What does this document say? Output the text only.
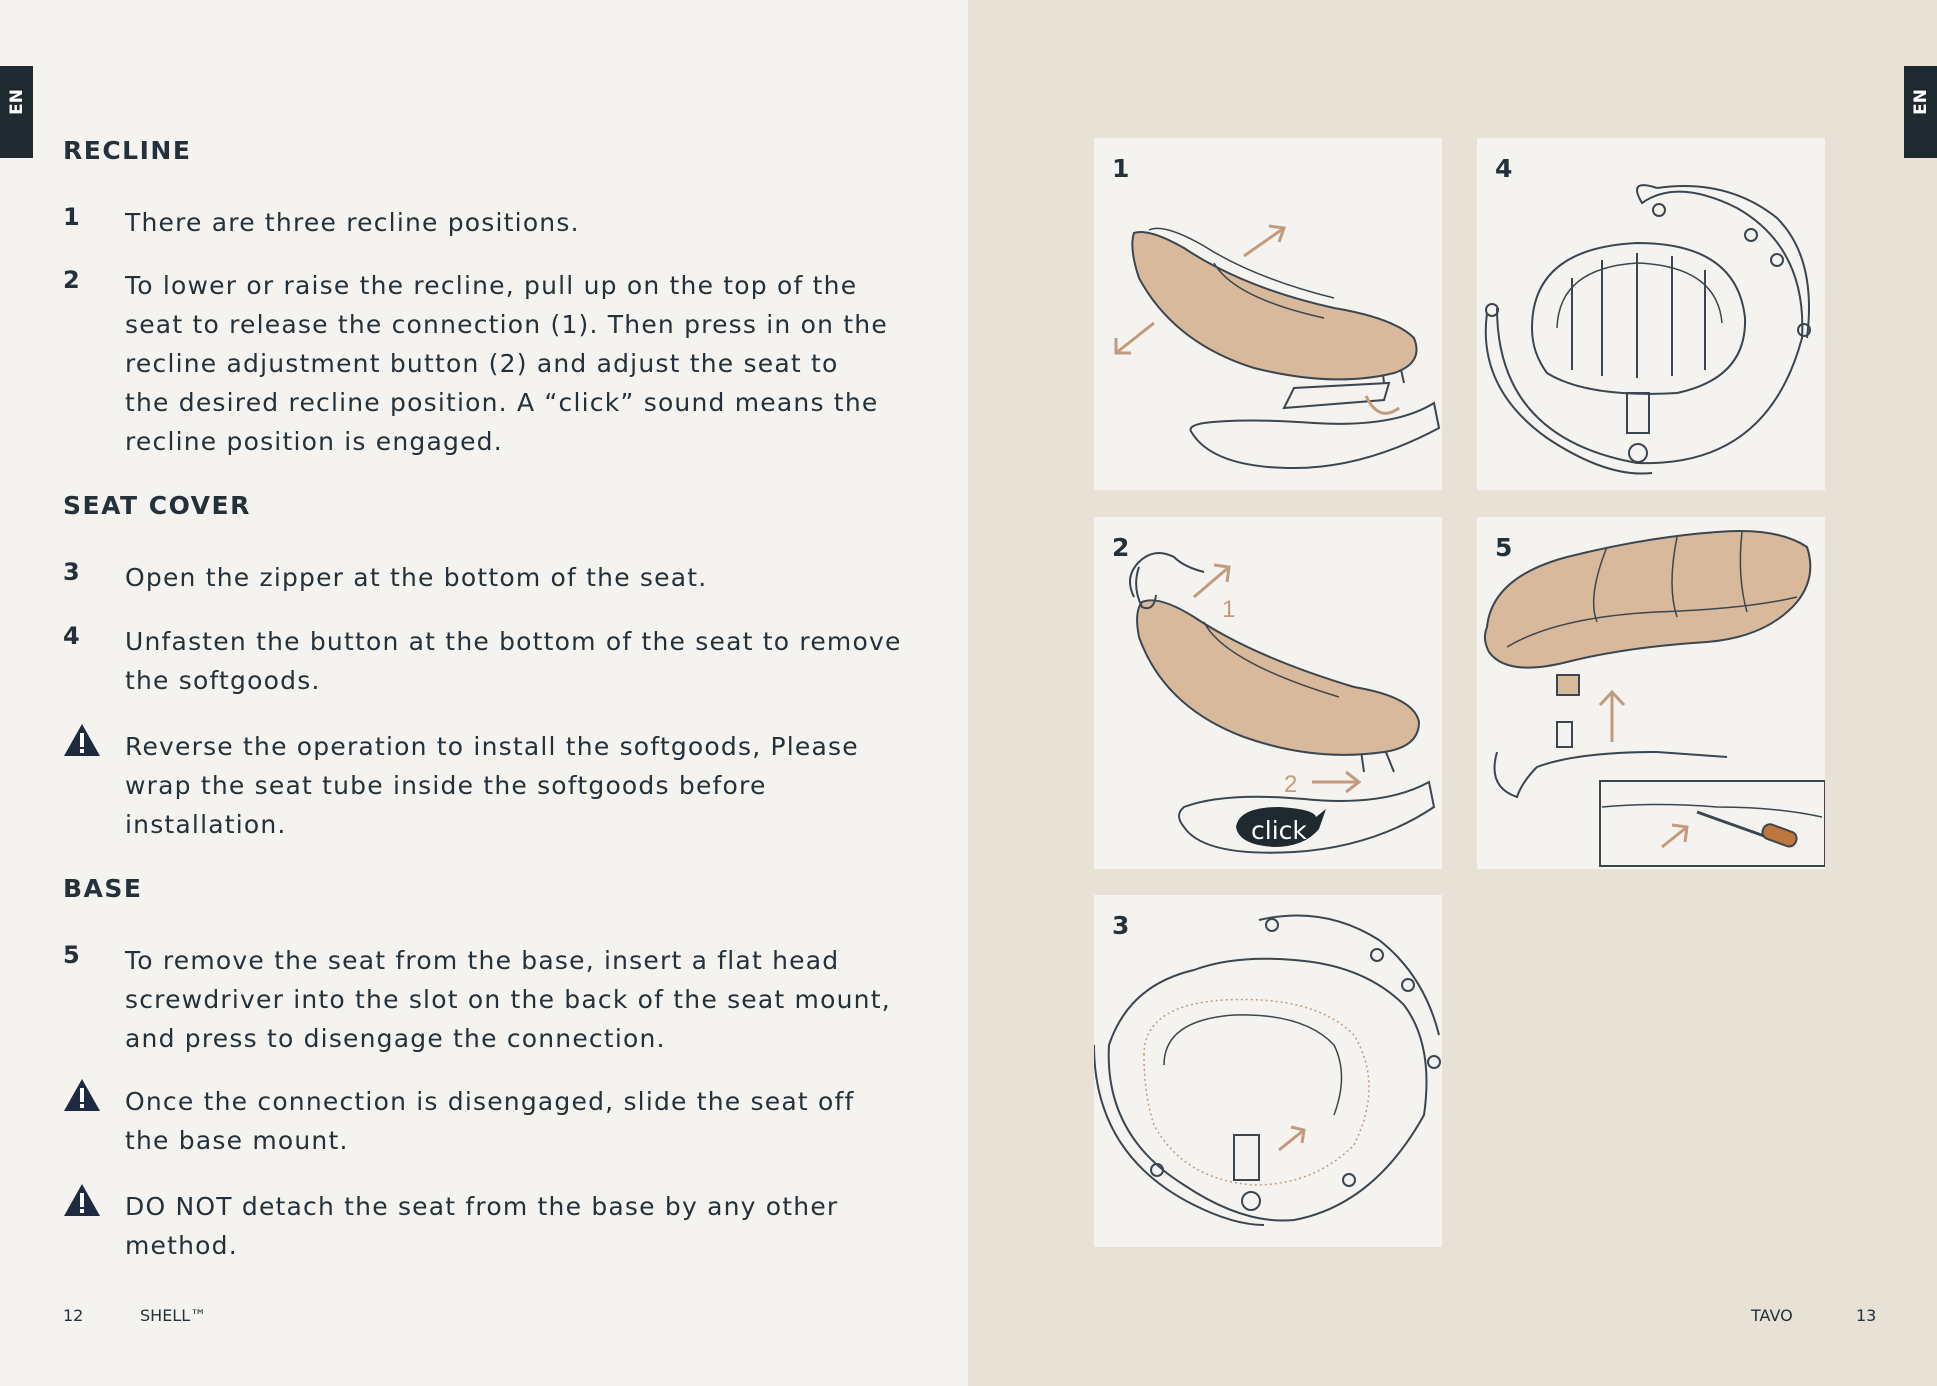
EN
RECLINE
1 There are three recline positions.
2 To lower or raise the recline, pull up on the top of the
seat to release the connection (1). Then press in on the
recline adjustment button (2) and adjust the seat to
the desired recline position. A “click” sound means the
recline position is engaged.
SEAT COVER
3 Open the zipper at the bottom of the seat.
4 Unfasten the button at the bottom of the seat to remove
the softgoods.
Reverse the operation to install the softgoods, Please
wrap the seat tube inside the softgoods before
installation.
BASE
5 To remove the seat from the base, insert a flat head
screwdriver into the slot on the back of the seat mount,
and press to disengage the connection.
Once the connection is disengaged, slide the seat off
the base mount.
DO NOT detach the seat from the base by any other
method.
12	SHELL™
EN
1	4
1
2
click
2	5
3
TAVO	13
